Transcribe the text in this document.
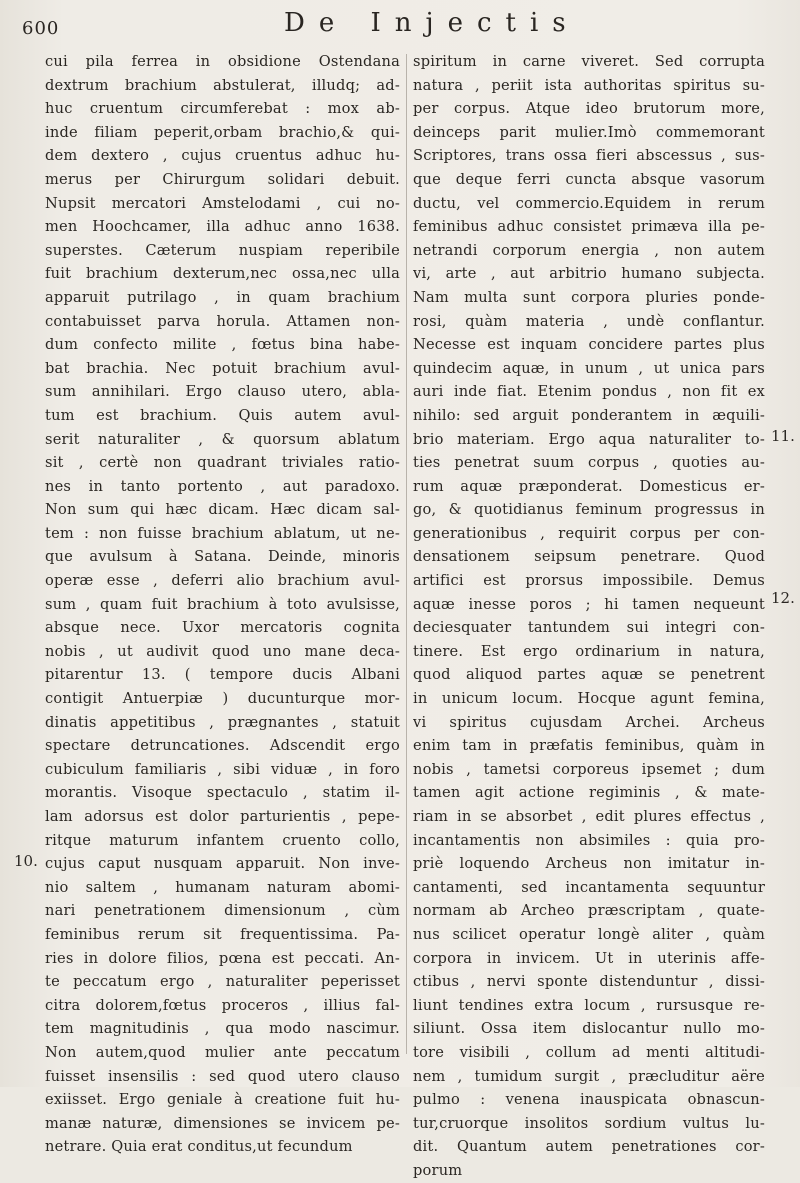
600	De Injectis
cui pila ferrea in obsidione Ostendana
dextrum brachium abstulerat, illudq; ad-
huc cruentum circumferebat : mox ab-
inde filiam peperit,orbam brachio,& qui-
dem dextero , cujus cruentus adhuc hu-
merus per Chirurgum solidari debuit.
Nupsit mercatori Amstelodami , cui no-
men Hoochcamer, illa adhuc anno 1638.
superstes. Cæterum nuspiam reperibile
fuit brachium dexterum,nec ossa,nec ulla
apparuit putrilago , in quam brachium
contabuisset parva horula. Attamen non-
dum confecto milite , fœtus bina habe-
bat brachia. Nec potuit brachium avul-
sum annihilari. Ergo clauso utero, abla-
tum est brachium. Quis autem avul-
serit naturaliter , & quorsum ablatum
sit , certè non quadrant triviales ratio-
nes in tanto portento , aut paradoxo.
Non sum qui hæc dicam. Hæc dicam sal-
tem : non fuisse brachium ablatum, ut ne-
que avulsum à Satana. Deinde, minoris
operæ esse , deferri alio brachium avul-
sum , quam fuit brachium à toto avulsisse,
absque nece. Uxor mercatoris cognita
nobis , ut audivit quod uno mane deca-
pitarentur 13. ( tempore ducis Albani
contigit Antuerpiæ ) ducunturque mor-
dinatis appetitibus , prægnantes , statuit
spectare detruncationes. Adscendit ergo
cubiculum familiaris , sibi viduæ , in foro
morantis. Visoque spectaculo , statim il-
lam adorsus est dolor parturientis , pepe-
ritque maturum infantem cruento collo,
cujus caput nusquam apparuit. Non inve-
nio saltem , humanam naturam abomi-
nari penetrationem dimensionum , cùm
feminibus rerum sit frequentissima. Pa-
ries in dolore filios, pœna est peccati. An-
te peccatum ergo , naturaliter peperisset
citra dolorem,fœtus proceros , illius fal-
tem magnitudinis , qua modo nascimur.
Non autem,quod mulier ante peccatum
fuisset insensilis : sed quod utero clauso
exiisset. Ergo geniale à creatione fuit hu-
manæ naturæ, dimensiones se invicem pe-
netrare. Quia erat conditus,ut fecundum
spiritum in carne viveret. Sed corrupta
natura , periit ista authoritas spiritus su-
per corpus. Atque ideo brutorum more,
deinceps parit mulier.Imò commemorant
Scriptores, trans ossa fieri abscessus , sus-
que deque ferri cuncta absque vasorum
ductu, vel commercio.Equidem in rerum
feminibus adhuc consistet primæva illa pe-
netrandi corporum energia , non autem
vi, arte , aut arbitrio humano subjecta.
Nam multa sunt corpora pluries ponde-
rosi, quàm materia , undè conflantur.
Necesse est inquam concidere partes plus
quindecim aquæ, in unum , ut unica pars
auri inde fiat. Etenim pondus , non fit ex
nihilo: sed arguit ponderantem in æquili-
brio materiam. Ergo aqua naturaliter to-
ties penetrat suum corpus , quoties au-
rum aquæ præponderat. Domesticus er-
go, & quotidianus feminum progressus in
generationibus , requirit corpus per con-
densationem seipsum penetrare. Quod
artifici est prorsus impossibile. Demus
aquæ inesse poros ; hi tamen nequeunt
deciesquater tantundem sui integri con-
tinere. Est ergo ordinarium in natura,
quod aliquod partes aquæ se penetrent
in unicum locum. Hocque agunt femina,
vi spiritus cujusdam Archei. Archeus
enim tam in præfatis feminibus, quàm in
nobis , tametsi corporeus ipsemet ; dum
tamen agit actione regiminis , & mate-
riam in se absorbet , edit plures effectus ,
incantamentis non absimiles : quia pro-
priè loquendo Archeus non imitatur in-
cantamenti, sed incantamenta sequuntur
normam ab Archeo præscriptam , quate-
nus scilicet operatur longè aliter , quàm
corpora in invicem. Ut in uterinis affe-
ctibus , nervi sponte distenduntur , dissi-
liunt tendines extra locum , rursusque re-
siliunt. Ossa item dislocantur nullo mo-
tore visibili , collum ad menti altitudi-
nem , tumidum surgit , præcluditur aëre
pulmo : venena inauspicata obnascun-
tur,cruorque insolitos sordium vultus lu-
dit. Quantum autem penetrationes cor-
porum
10.
11.
12.
